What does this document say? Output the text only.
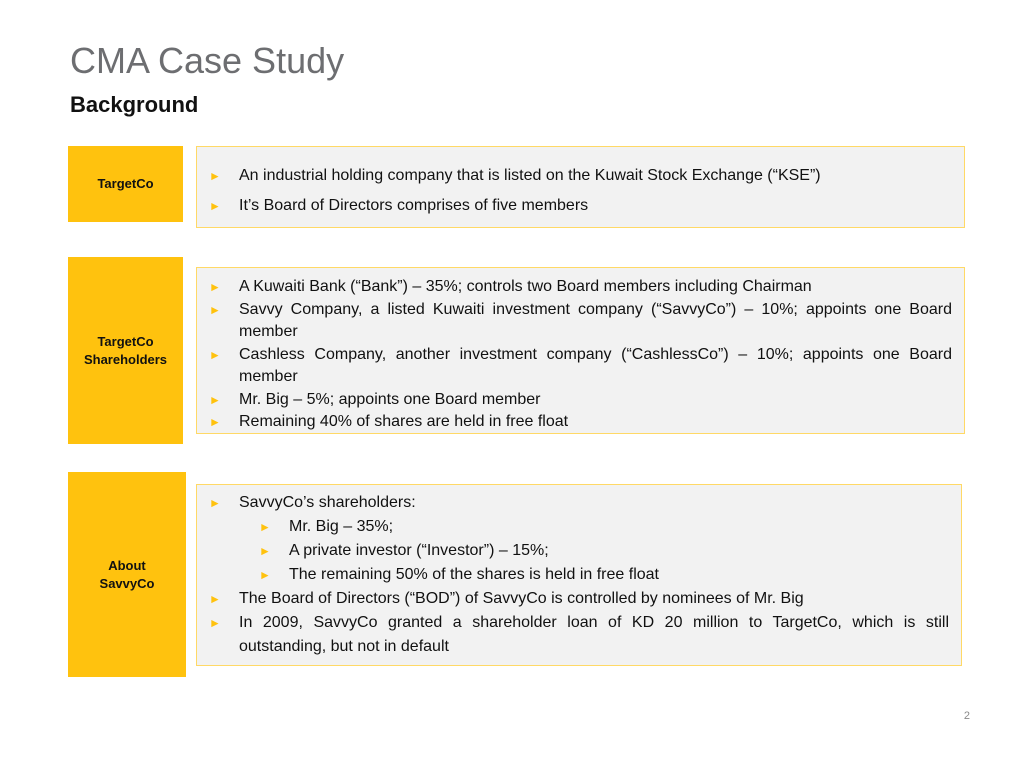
CMA Case Study
Background
TargetCo
► An industrial holding company that is listed on the Kuwait Stock Exchange (“KSE”)
► It’s Board of Directors comprises of five members
TargetCo
Shareholders
► A Kuwaiti Bank (“Bank”) – 35%; controls two Board members including Chairman
► Savvy Company, a listed Kuwaiti investment company (“SavvyCo”) – 10%; appoints one Board member
► Cashless Company, another investment company (“CashlessCo”) – 10%; appoints one Board member
► Mr. Big – 5%; appoints one Board member
► Remaining 40% of shares are held in free float
About
SavvyCo
► SavvyCo’s shareholders:
► Mr. Big – 35%;
► A private investor (“Investor”) – 15%;
► The remaining 50% of the shares is held in free float
► The Board of Directors (“BOD”) of SavvyCo is controlled by nominees of Mr. Big
► In 2009, SavvyCo granted a shareholder loan of KD 20 million to TargetCo, which is still outstanding, but not in default
2
